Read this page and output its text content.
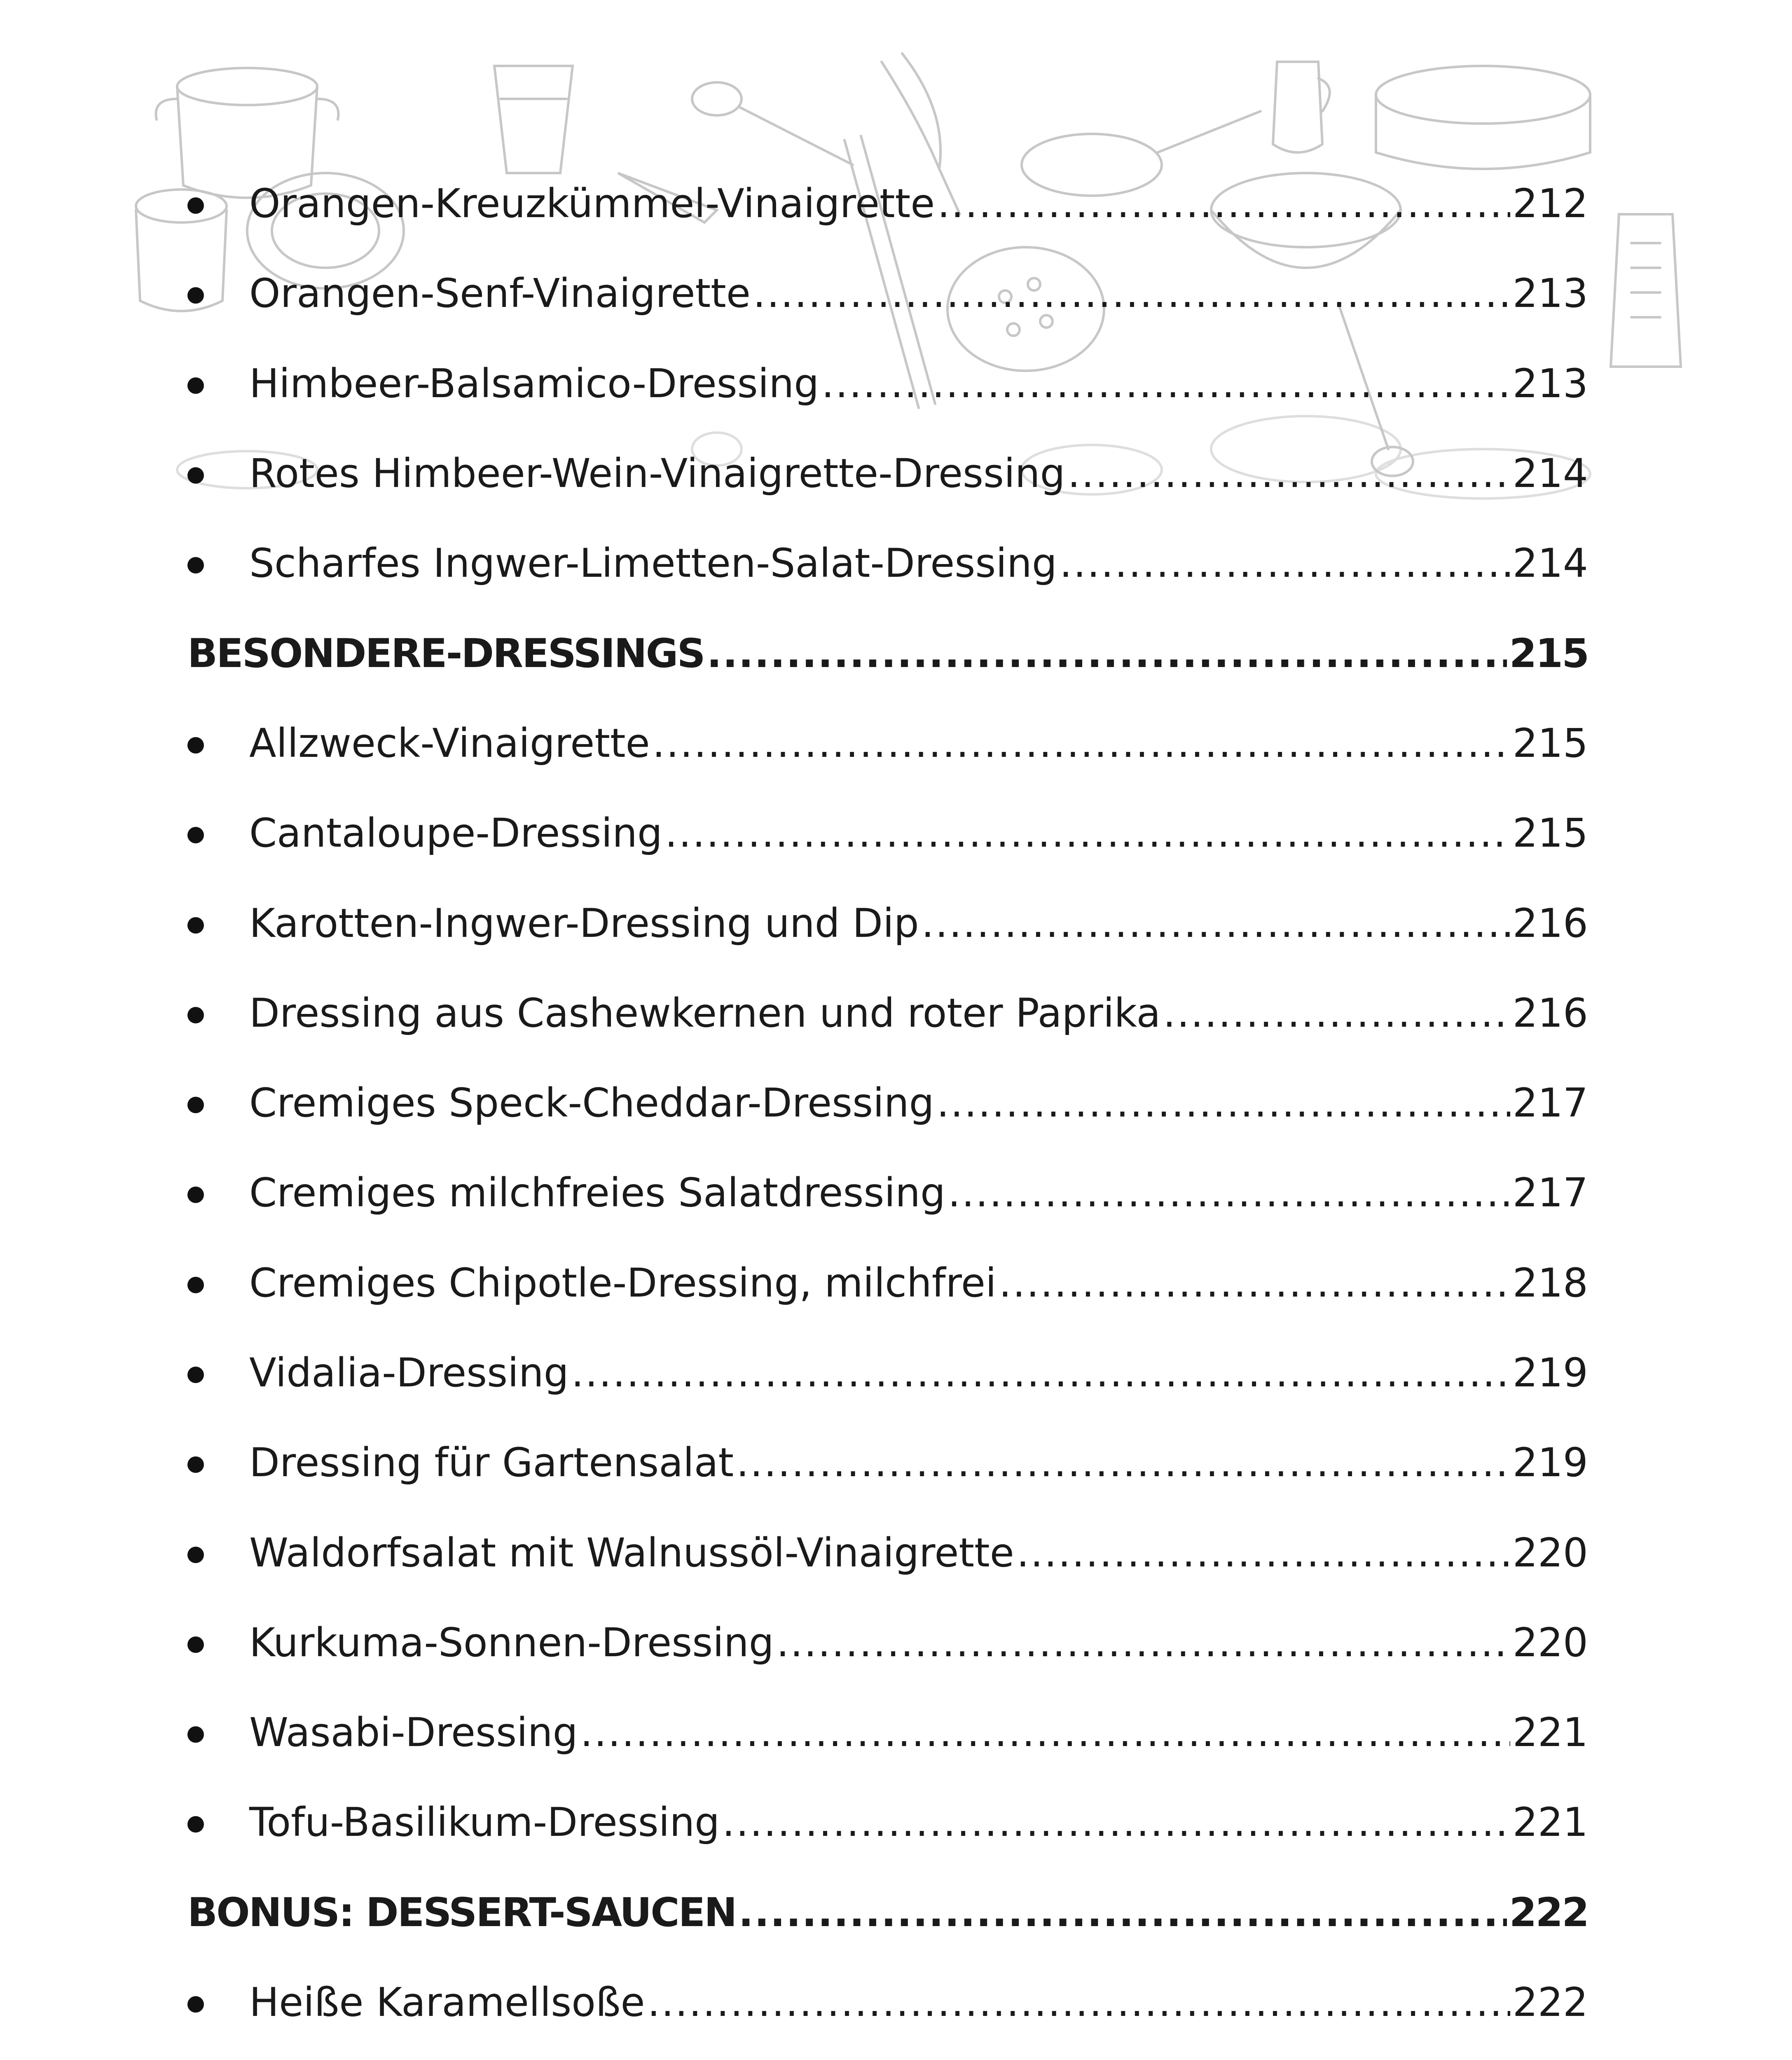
Orangen-Kreuzkümmel-Vinaigrette .....	212
Orangen-Senf-Vinaigrette .....	213
Himbeer-Balsamico-Dressing .....	213
Rotes Himbeer-Wein-Vinaigrette-Dressing .....	214
Scharfes Ingwer-Limetten-Salat-Dressing .....	214
BESONDERE-DRESSINGS .....	215
Allzweck-Vinaigrette .....	215
Cantaloupe-Dressing .....	215
Karotten-Ingwer-Dressing und Dip .....	216
Dressing aus Cashewkernen und roter Paprika .....	216
Cremiges Speck-Cheddar-Dressing .....	217
Cremiges milchfreies Salatdressing .....	217
Cremiges Chipotle-Dressing, milchfrei .....	218
Vidalia-Dressing .....	219
Dressing für Gartensalat .....	219
Waldorfsalat mit Walnussöl-Vinaigrette .....	220
Kurkuma-Sonnen-Dressing .....	220
Wasabi-Dressing .....	221
Tofu-Basilikum-Dressing .....	221
BONUS: DESSERT-SAUCEN .....	222
Heiße Karamellsoße .....	222
